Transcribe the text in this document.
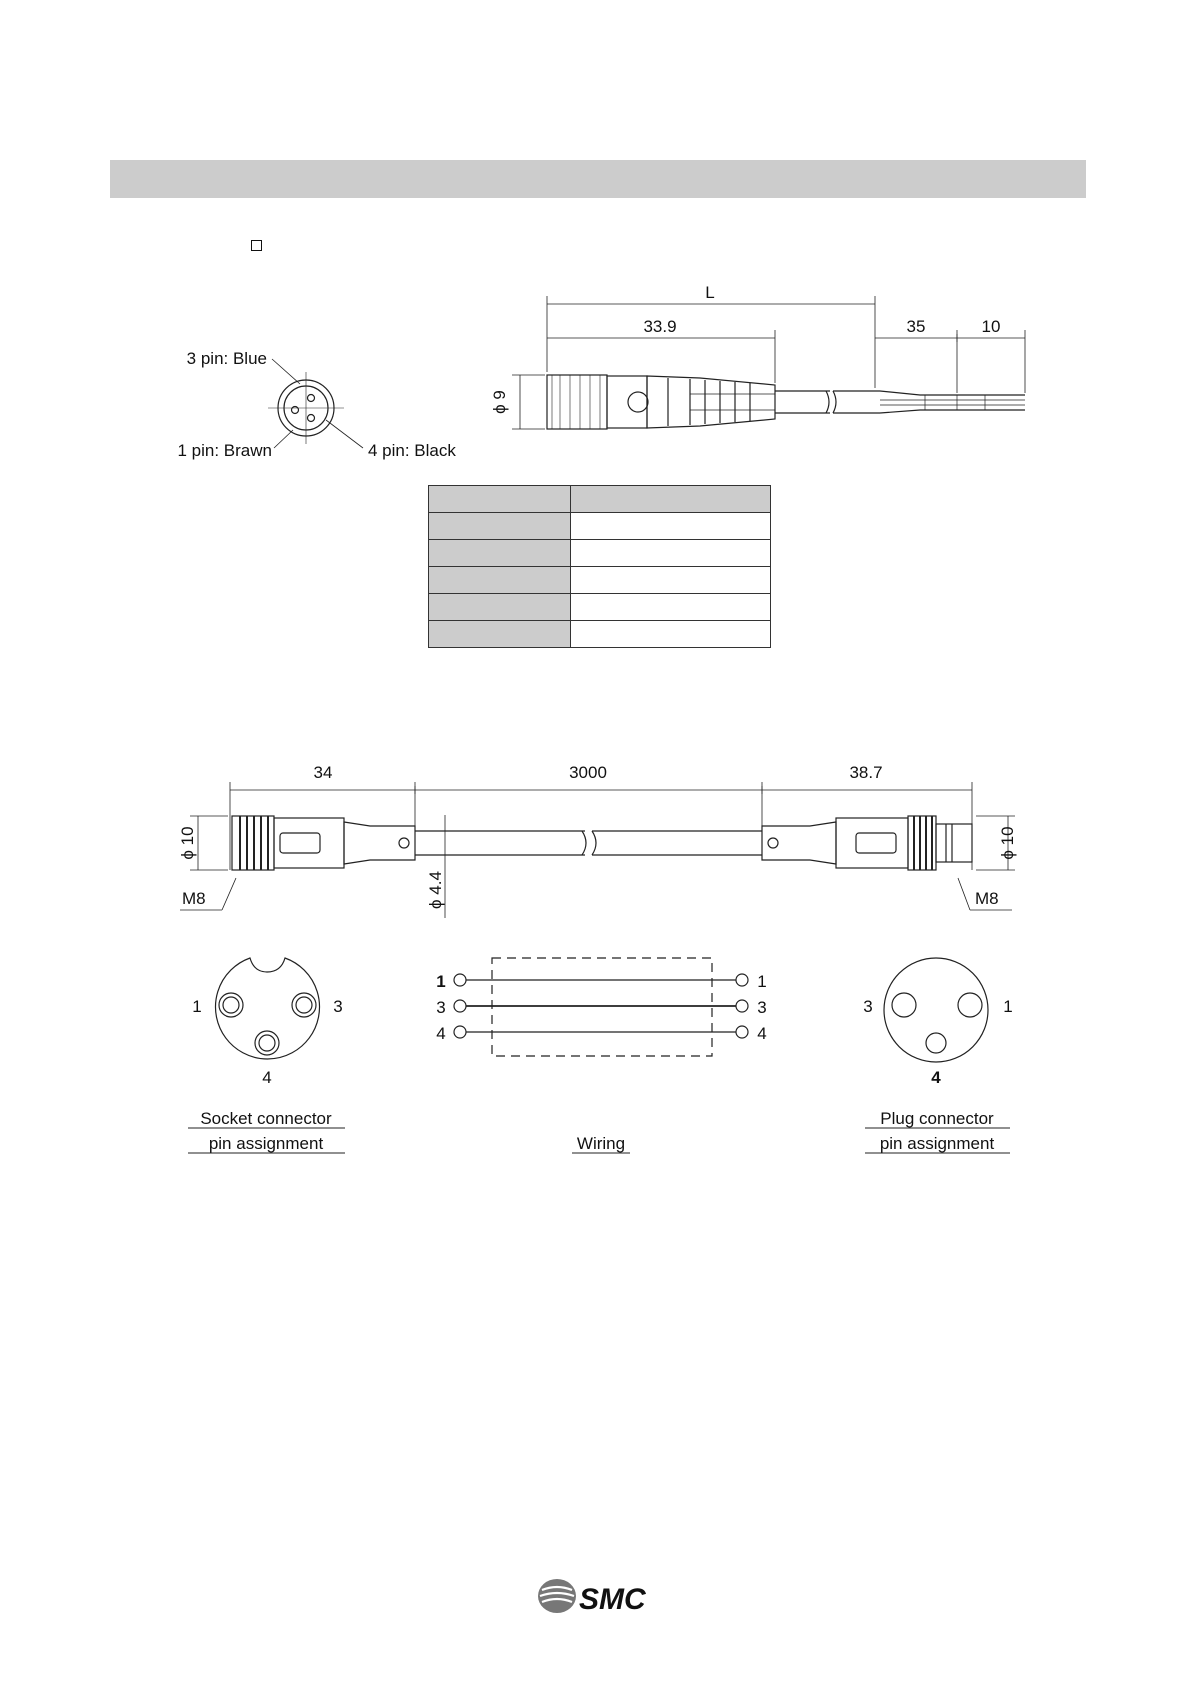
3 pin: Blue
1 pin: Brawn	4 pin: Black
L
33.9	35	10
ϕ 9

34	3000	38.7
ϕ 10	ϕ 10
ϕ 4.4
M8	M8
1	3
4
1
3
4
1
3
4
3	1
4
Socket connector
pin assignment	Wiring
Plug connector
pin assignment
SMC
